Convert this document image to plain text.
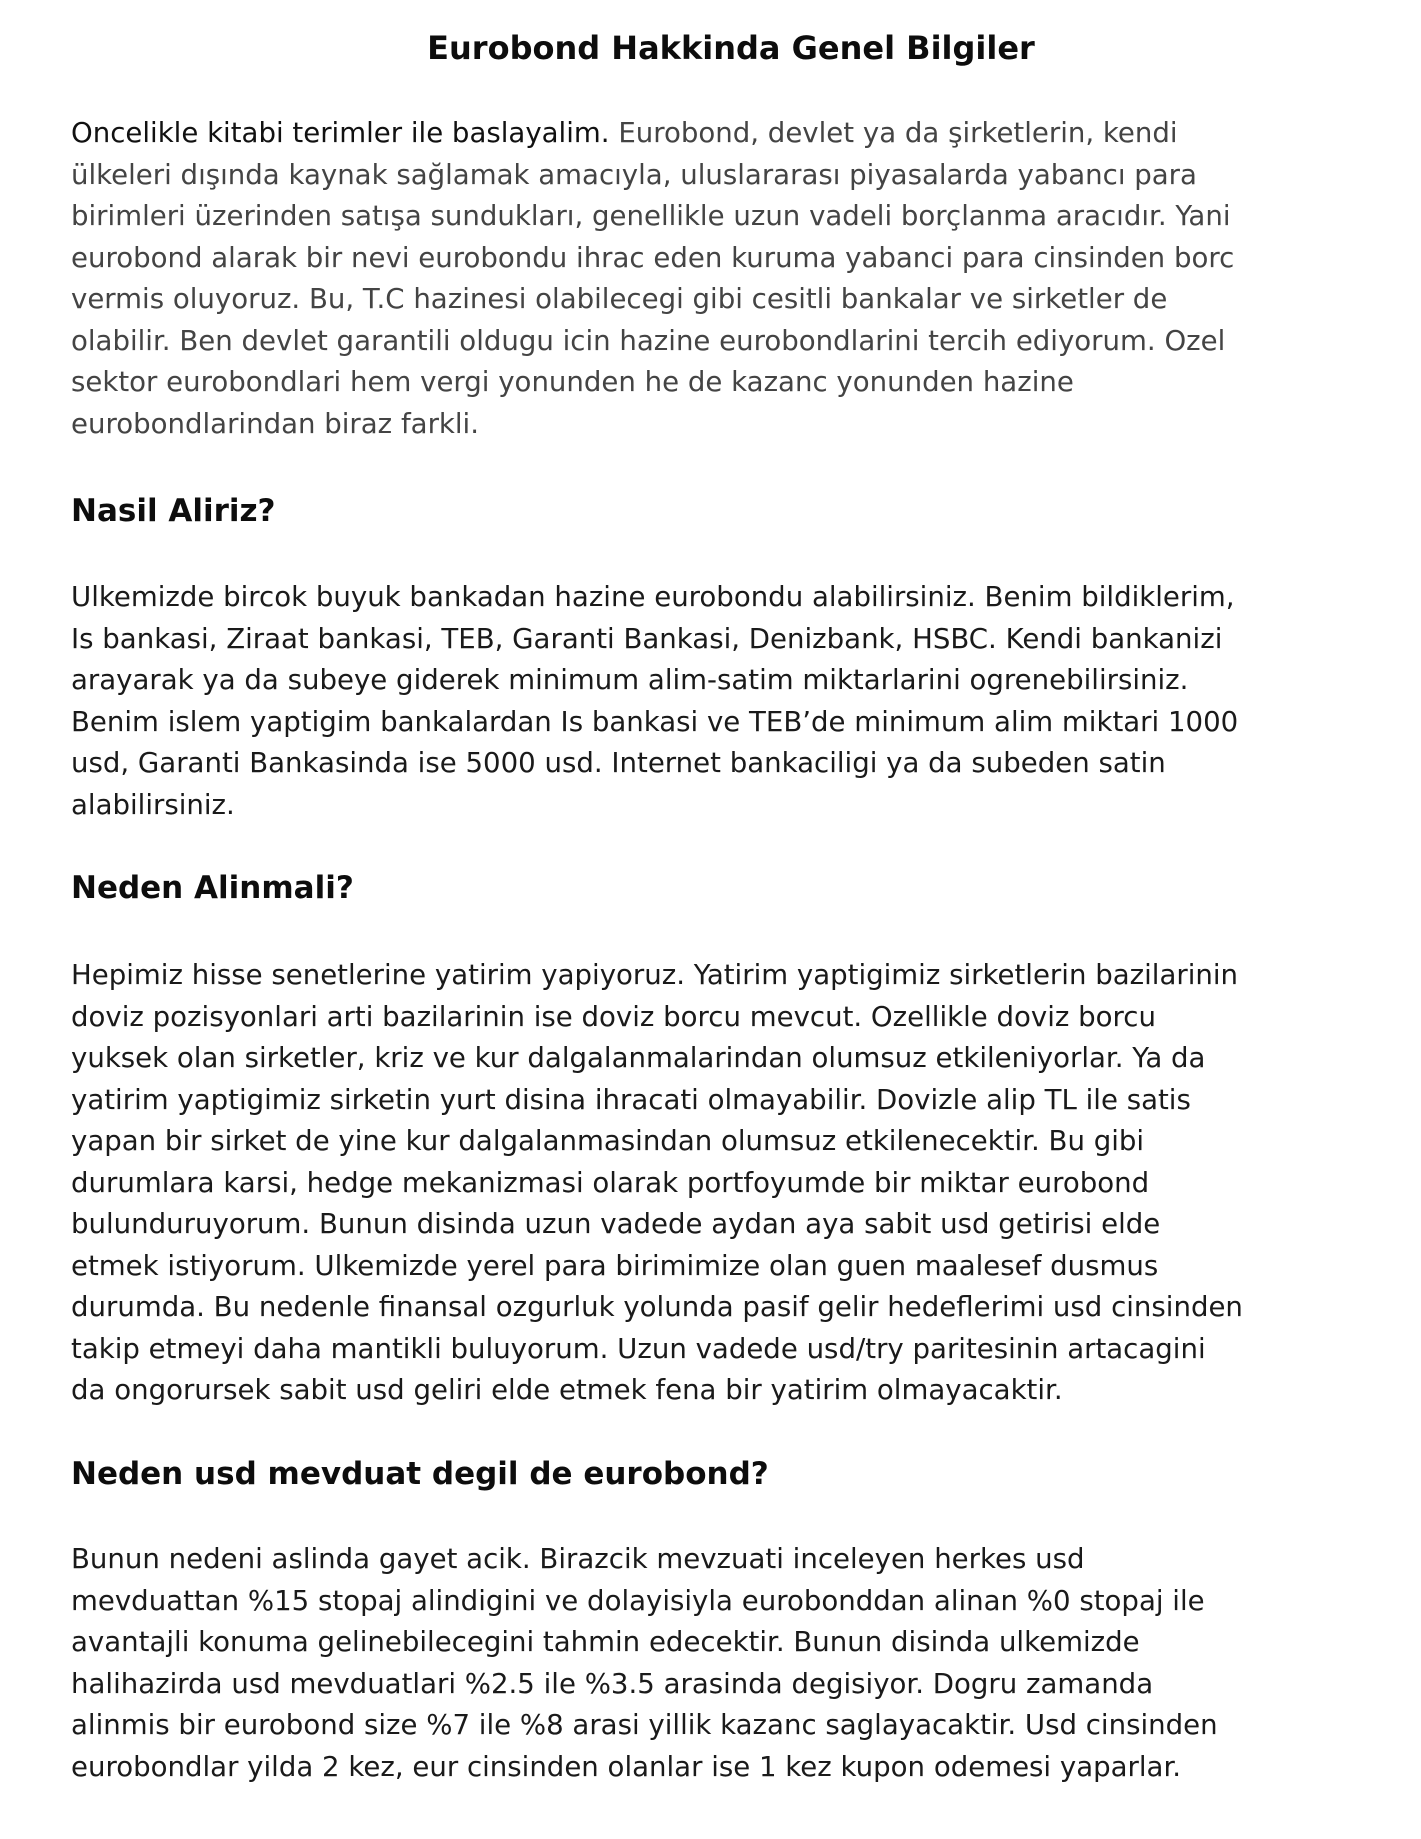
Eurobond Hakkinda Genel Bilgiler

Oncelikle kitabi terimler ile baslayalim. Eurobond, devlet ya da şirketlerin, kendi
ülkeleri dışında kaynak sağlamak amacıyla, uluslararası piyasalarda yabancı para
birimleri üzerinden satışa sundukları, genellikle uzun vadeli borçlanma aracıdır. Yani
eurobond alarak bir nevi eurobondu ihrac eden kuruma yabanci para cinsinden borc
vermis oluyoruz. Bu, T.C hazinesi olabilecegi gibi cesitli bankalar ve sirketler de
olabilir. Ben devlet garantili oldugu icin hazine eurobondlarini tercih ediyorum. Ozel
sektor eurobondlari hem vergi yonunden he de kazanc yonunden hazine
eurobondlarindan biraz farkli.

Nasil Aliriz?

Ulkemizde bircok buyuk bankadan hazine eurobondu alabilirsiniz. Benim bildiklerim,
Is bankasi, Ziraat bankasi, TEB, Garanti Bankasi, Denizbank, HSBC. Kendi bankanizi
arayarak ya da subeye giderek minimum alim-satim miktarlarini ogrenebilirsiniz.
Benim islem yaptigim bankalardan Is bankasi ve TEB’de minimum alim miktari 1000
usd, Garanti Bankasinda ise 5000 usd. Internet bankaciligi ya da subeden satin
alabilirsiniz.

Neden Alinmali?

Hepimiz hisse senetlerine yatirim yapiyoruz. Yatirim yaptigimiz sirketlerin bazilarinin
doviz pozisyonlari arti bazilarinin ise doviz borcu mevcut. Ozellikle doviz borcu
yuksek olan sirketler, kriz ve kur dalgalanmalarindan olumsuz etkileniyorlar. Ya da
yatirim yaptigimiz sirketin yurt disina ihracati olmayabilir. Dovizle alip TL ile satis
yapan bir sirket de yine kur dalgalanmasindan olumsuz etkilenecektir. Bu gibi
durumlara karsi, hedge mekanizmasi olarak portfoyumde bir miktar eurobond
bulunduruyorum. Bunun disinda uzun vadede aydan aya sabit usd getirisi elde
etmek istiyorum. Ulkemizde yerel para birimimize olan guen maalesef dusmus
durumda. Bu nedenle finansal ozgurluk yolunda pasif gelir hedeflerimi usd cinsinden
takip etmeyi daha mantikli buluyorum. Uzun vadede usd/try paritesinin artacagini
da ongorursek sabit usd geliri elde etmek fena bir yatirim olmayacaktir.

Neden usd mevduat degil de eurobond?

Bunun nedeni aslinda gayet acik. Birazcik mevzuati inceleyen herkes usd
mevduattan %15 stopaj alindigini ve dolayisiyla eurobonddan alinan %0 stopaj ile
avantajli konuma gelinebilecegini tahmin edecektir. Bunun disinda ulkemizde
halihazirda usd mevduatlari %2.5 ile %3.5 arasinda degisiyor. Dogru zamanda
alinmis bir eurobond size %7 ile %8 arasi yillik kazanc saglayacaktir. Usd cinsinden
eurobondlar yilda 2 kez, eur cinsinden olanlar ise 1 kez kupon odemesi yaparlar.
